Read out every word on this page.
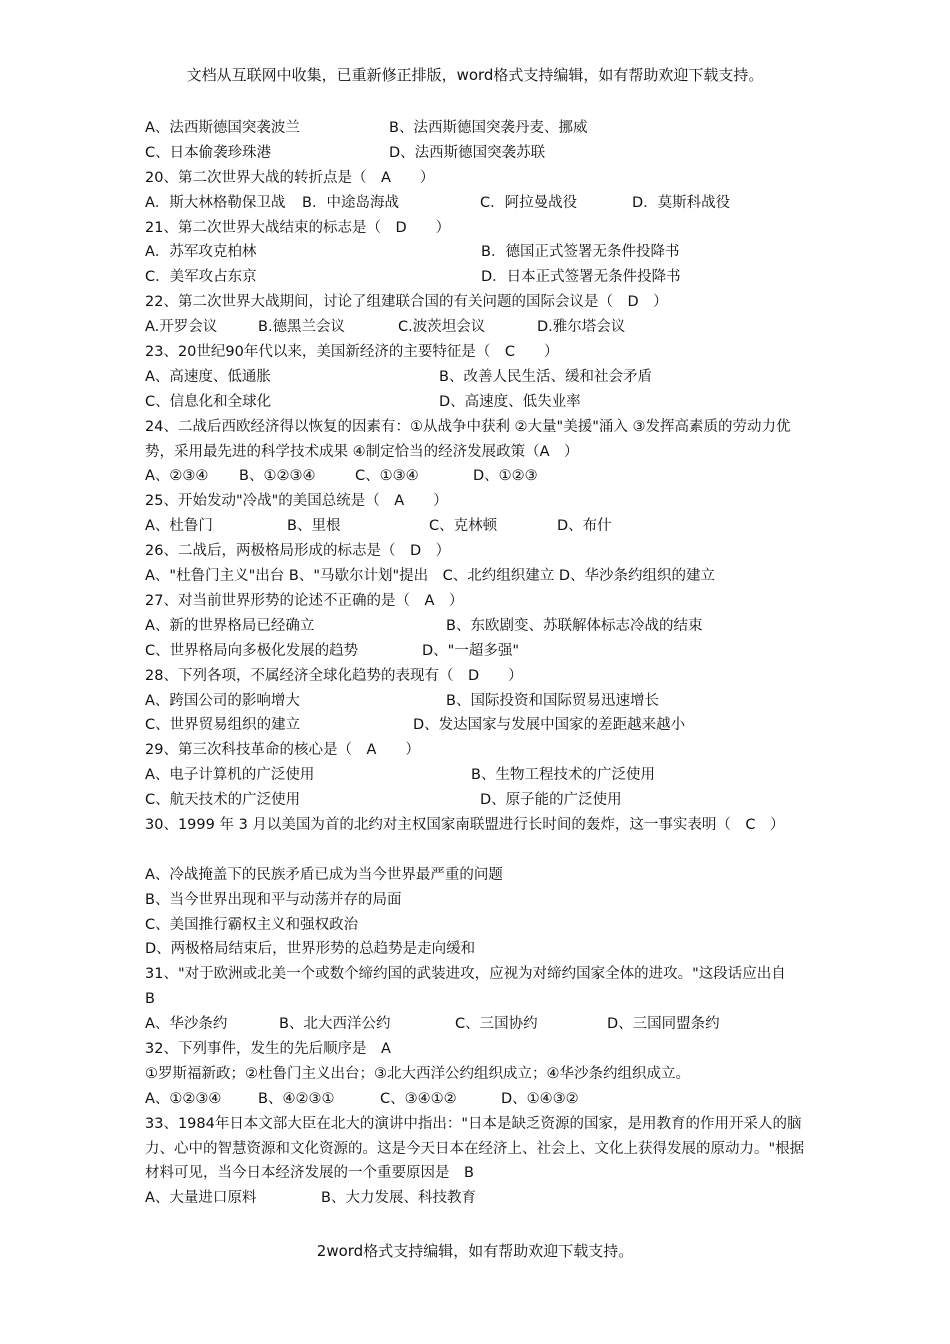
文档从互联网中收集，已重新修正排版，word格式支持编辑，如有帮助欢迎下载支持。
A、法西斯德国突袭波兰	B、法西斯德国突袭丹麦、挪威
C、日本偷袭珍珠港	D、法西斯德国突袭苏联
20、第二次世界大战的转折点是（　A　　）
A．斯大林格勒保卫战 B．中途岛海战	C．阿拉曼战役	D．莫斯科战役
21、第二次世界大战结束的标志是（　D　　）
A．苏军攻克柏林	B．德国正式签署无条件投降书
C．美军攻占东京	D．日本正式签署无条件投降书
22、第二次世界大战期间，讨论了组建联合国的有关问题的国际会议是（　D　）
A.开罗会议	B.德黑兰会议	C.波茨坦会议	D.雅尔塔会议
23、20世纪90年代以来，美国新经济的主要特征是（　C　　）
A、高速度、低通胀	B、改善人民生活、缓和社会矛盾
C、信息化和全球化	D、高速度、低失业率
24、二战后西欧经济得以恢复的因素有：①从战争中获利 ②大量"美援"涌入 ③发挥高素质的劳动力优势，采用最先进的科学技术成果 ④制定恰当的经济发展政策（A　）
A、②③④ B、①②③④	C、①③④	D、①②③
25、开始发动"冷战"的美国总统是（　A　　）
A、杜鲁门	B、里根	C、克林顿	D、布什
26、二战后，两极格局形成的标志是（　D　）
A、"杜鲁门主义"出台 B、"马歇尔计划"提出　C、北约组织建立 D、华沙条约组织的建立
27、对当前世界形势的论述不正确的是（　A　）
A、新的世界格局已经确立	B、东欧剧变、苏联解体标志冷战的结束
C、世界格局向多极化发展的趋势	D、"一超多强"
28、下列各项，不属经济全球化趋势的表现有（　D　　）
A、跨国公司的影响增大	B、国际投资和国际贸易迅速增长
C、世界贸易组织的建立	D、发达国家与发展中国家的差距越来越小
29、第三次科技革命的核心是（　A　　）
A、电子计算机的广泛使用	B、生物工程技术的广泛使用
C、航天技术的广泛使用	D、原子能的广泛使用
30、1999 年 3 月以美国为首的北约对主权国家南联盟进行长时间的轰炸，这一事实表明（　C　）
A、冷战掩盖下的民族矛盾已成为当今世界最严重的问题
B、当今世界出现和平与动荡并存的局面
C、美国推行霸权主义和强权政治
D、两极格局结束后，世界形势的总趋势是走向缓和
31、"对于欧洲或北美一个或数个缔约国的武装进攻，应视为对缔约国家全体的进攻。"这段话应出自　B
A、华沙条约	B、北大西洋公约	C、三国协约	D、三国同盟条约
32、下列事件，发生的先后顺序是　A
①罗斯福新政；②杜鲁门主义出台；③北大西洋公约组织成立；④华沙条约组织成立。
A、①②③④	B、④②③①	C、③④①②	D、①④③②
33、1984年日本文部大臣在北大的演讲中指出："日本是缺乏资源的国家，是用教育的作用开采人的脑力、心中的智慧资源和文化资源的。这是今天日本在经济上、社会上、文化上获得发展的原动力。"根据材料可见，当今日本经济发展的一个重要原因是　B
A、大量进口原料	B、大力发展、科技教育
2word格式支持编辑，如有帮助欢迎下载支持。
